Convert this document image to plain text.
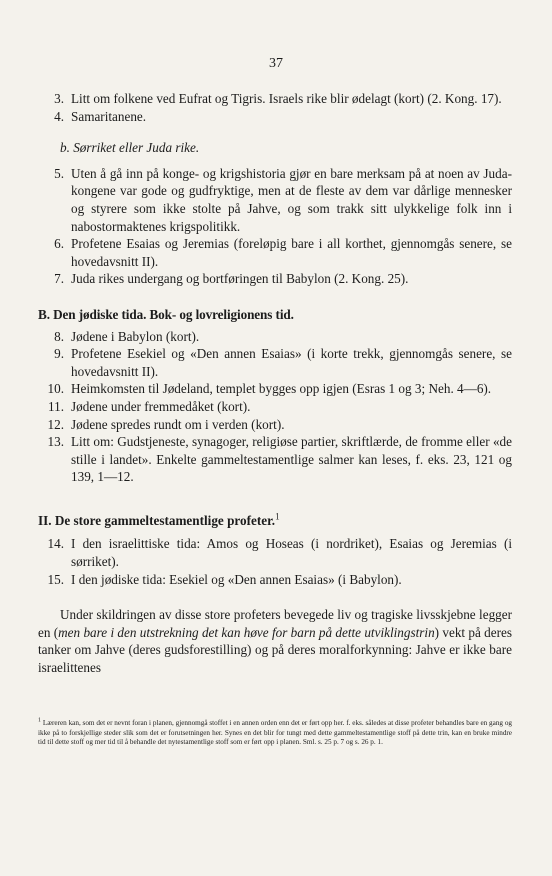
37
3. Litt om folkene ved Eufrat og Tigris. Israels rike blir ødelagt (kort) (2. Kong. 17).
4. Samaritanene.
b. Sørriket eller Juda rike.
5. Uten å gå inn på konge- og krigshistoria gjør en bare merksam på at noen av Juda-kongene var gode og gudfryktige, men at de fleste av dem var dårlige mennesker og styrere som ikke stolte på Jahve, og som trakk sitt ulykkelige folk inn i nabostormaktenes krigspolitikk.
6. Profetene Esaias og Jeremias (foreløpig bare i all korthet, gjennomgås senere, se hovedavsnitt II).
7. Juda rikes undergang og bortføringen til Babylon (2. Kong. 25).
B. Den jødiske tida. Bok- og lovreligionens tid.
8. Jødene i Babylon (kort).
9. Profetene Esekiel og «Den annen Esaias» (i korte trekk, gjennomgås senere, se hovedavsnitt II).
10. Heimkomsten til Jødeland, templet bygges opp igjen (Esras 1 og 3; Neh. 4—6).
11. Jødene under fremmedåket (kort).
12. Jødene spredes rundt om i verden (kort).
13. Litt om: Gudstjeneste, synagoger, religiøse partier, skriftlærde, de fromme eller «de stille i landet». Enkelte gammeltestamentlige salmer kan leses, f. eks. 23, 121 og 139, 1—12.
II. De store gammeltestamentlige profeter.$^1$
14. I den israelittiske tida: Amos og Hoseas (i nordriket), Esaias og Jeremias (i sørriket).
15. I den jødiske tida: Esekiel og «Den annen Esaias» (i Babylon).
Under skildringen av disse store profeters bevegede liv og tragiske livsskjebne legger en (men bare i den utstrekning det kan høve for barn på dette utviklingstrin) vekt på deres tanker om Jahve (deres gudsforestilling) og på deres moralforkynning: Jahve er ikke bare israelittenes
$^1$ Læreren kan, som det er nevnt foran i planen, gjennomgå stoffet i en annen orden enn det er ført opp her. f. eks. således at disse profeter behandles bare en gang og ikke på to forskjellige steder slik som det er forutsetningen her. Synes en det blir for tungt med dette gammeltestamentlige stoff på dette trin, kan en bruke mindre tid til dette stoff og mer tid til å behandle det nytestamentlige stoff som er ført opp i planen. Sml. s. 25 p. 7 og s. 26 p. 1.
